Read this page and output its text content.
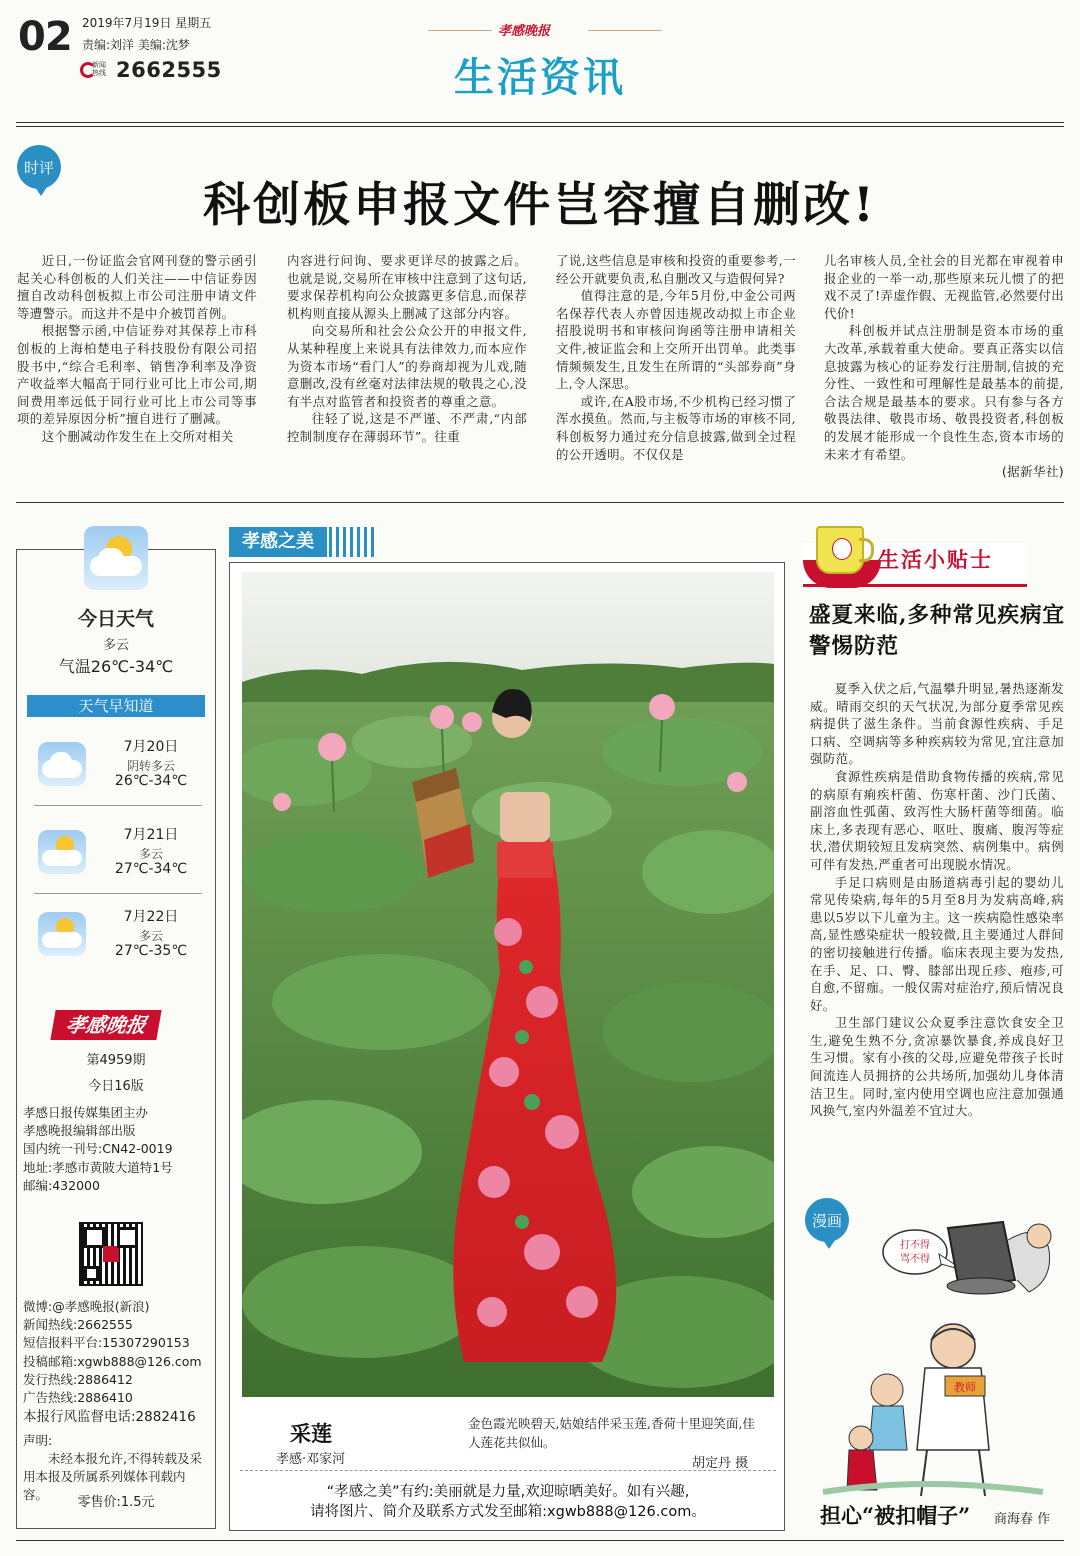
02 2019年7月19日 星期五
责编:刘洋 美编:沈梦
新闻
热线 2662555
孝感晚报
生活资讯
时评
科创板申报文件岂容擅自删改!

近日,一份证监会官网刊登的警示函引起关心科创板的人们关注——中信证券因擅自改动科创板拟上市公司注册申请文件等遭警示。而这并不是中介被罚首例。

根据警示函,中信证券对其保荐上市科创板的上海柏楚电子科技股份有限公司招股书中,“综合毛利率、销售净利率及净资产收益率大幅高于同行业可比上市公司,期间费用率远低于同行业可比上市公司等事项的差异原因分析”擅自进行了删减。

这个删减动作发生在上交所对相关

内容进行问询、要求更详尽的披露之后。也就是说,交易所在审核中注意到了这句话,要求保荐机构向公众披露更多信息,而保荐机构则直接从源头上删减了这部分内容。

向交易所和社会公众公开的申报文件,从某种程度上来说具有法律效力,而本应作为资本市场“看门人”的券商却视为儿戏,随意删改,没有丝毫对法律法规的敬畏之心,没有半点对监管者和投资者的尊重之意。

往轻了说,这是不严谨、不严肃,“内部控制制度存在薄弱环节”。往重

了说,这些信息是审核和投资的重要参考,一经公开就要负责,私自删改又与造假何异?

值得注意的是,今年5月份,中金公司两名保荐代表人亦曾因违规改动拟上市企业招股说明书和审核问询函等注册申请相关文件,被证监会和上交所开出罚单。此类事情频频发生,且发生在所谓的“头部券商”身上,令人深思。

或许,在A股市场,不少机构已经习惯了浑水摸鱼。然而,与主板等市场的审核不同,科创板努力通过充分信息披露,做到全过程的公开透明。不仅仅是

儿名审核人员,全社会的目光都在审视着申报企业的一举一动,那些原来玩儿惯了的把戏不灵了!弄虚作假、无视监管,必然要付出代价!

科创板并试点注册制是资本市场的重大改革,承载着重大使命。要真正落实以信息披露为核心的证券发行注册制,信披的充分性、一致性和可理解性是最基本的前提,合法合规是最基本的要求。只有参与各方敬畏法律、敬畏市场、敬畏投资者,科创板的发展才能形成一个良性生态,资本市场的未来才有希望。

(据新华社)
今日天气
多云
气温26℃-34℃
天气早知道
7月20日
阴转多云
26℃-34℃
7月21日
多云
27℃-34℃
7月22日
多云
27℃-35℃
孝感晚报
第4959期
今日16版
孝感日报传媒集团主办
孝感晚报编辑部出版
国内统一刊号:CN42-0019
地址:孝感市黄陂大道特1号
邮编:432000
微博:@孝感晚报(新浪)
新闻热线:2662555
短信报料平台:15307290153
投稿邮箱:xgwb888@126.com
发行热线:2886412
广告热线:2886410
本报行风监督电话:2882416
声明:
未经本报允许,不得转载及采用本报及所属系列媒体刊载内容。
零售价:1.5元
孝感之美
采莲
孝感·邓家河
金色霞光映碧天,姑娘结伴采玉莲,香荷十里迎笑面,佳人莲花共似仙。
胡定丹 摄
“孝感之美”有约:美丽就是力量,欢迎晾晒美好。如有兴趣,
请将图片、简介及联系方式发至邮箱:xgwb888@126.com。
生活小贴士
盛夏来临,多种常见疾病宜警惕防范

夏季入伏之后,气温攀升明显,暑热逐渐发威。晴雨交织的天气状况,为部分夏季常见疾病提供了滋生条件。当前食源性疾病、手足口病、空调病等多种疾病较为常见,宜注意加强防范。

食源性疾病是借助食物传播的疾病,常见的病原有痢疾杆菌、伤寒杆菌、沙门氏菌、副溶血性弧菌、致泻性大肠杆菌等细菌。临床上,多表现有恶心、呕吐、腹痛、腹泻等症状,潜伏期较短且发病突然、病例集中。病例可伴有发热,严重者可出现脱水情况。

手足口病则是由肠道病毒引起的婴幼儿常见传染病,每年的5月至8月为发病高峰,病患以5岁以下儿童为主。这一疾病隐性感染率高,显性感染症状一般较微,且主要通过人群间的密切接触进行传播。临床表现主要为发热,在手、足、口、臀、膝部出现丘疹、疱疹,可自愈,不留痂。一般仅需对症治疗,预后情况良好。

卫生部门建议公众夏季注意饮食安全卫生,避免生熟不分,贪凉暴饮暴食,养成良好卫生习惯。家有小孩的父母,应避免带孩子长时间流连人员拥挤的公共场所,加强幼儿身体清洁卫生。同时,室内使用空调也应注意加强通风换气,室内外温差不宜过大。

漫画
打不得
骂不得
教师
担心“被扣帽子” 商海春 作
